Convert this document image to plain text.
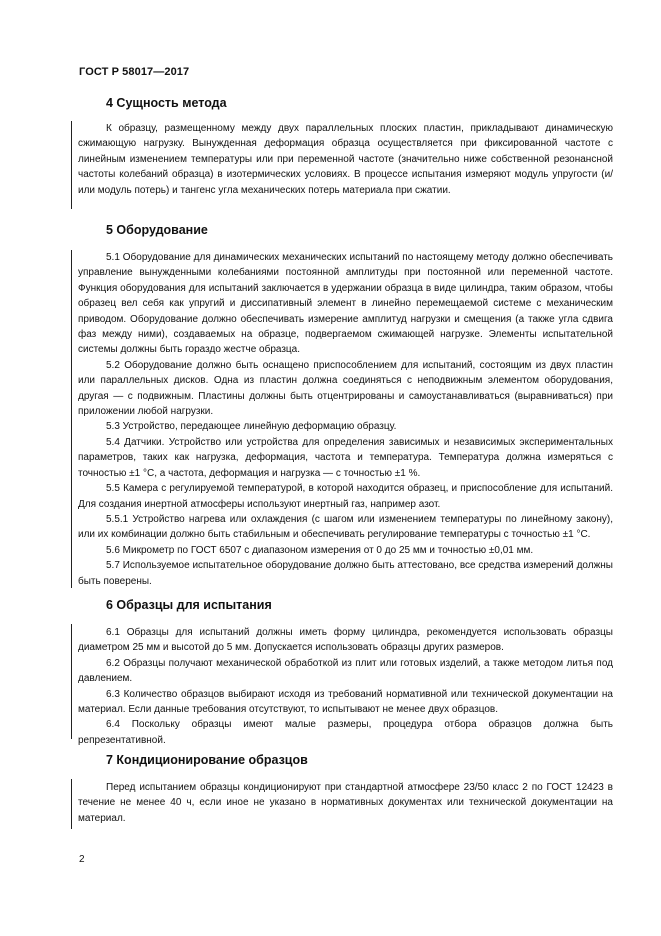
ГОСТ Р 58017—2017
4 Сущность метода

К образцу, размещенному между двух параллельных плоских пластин, прикладывают динамическую сжимающую нагрузку. Вынужденная деформация образца осуществляется при фиксированной частоте с линейным изменением температуры или при переменной частоте (значительно ниже собственной резонансной частоты колебаний образца) в изотермических условиях. В процессе испытания измеряют модуль упругости (и/или модуль потерь) и тангенс угла механических потерь материала при сжатии.

5 Оборудование

5.1 Оборудование для динамических механических испытаний по настоящему методу должно обеспечивать управление вынужденными колебаниями постоянной амплитуды при постоянной или переменной частоте. Функция оборудования для испытаний заключается в удержании образца в виде цилиндра, таким образом, чтобы образец вел себя как упругий и диссипативный элемент в линейно перемещаемой системе с механическим приводом. Оборудование должно обеспечивать измерение амплитуд нагрузки и смещения (а также угла сдвига фаз между ними), создаваемых на образце, подвергаемом сжимающей нагрузке. Элементы испытательной системы должны быть гораздо жестче образца.

5.2 Оборудование должно быть оснащено приспособлением для испытаний, состоящим из двух пластин или параллельных дисков. Одна из пластин должна соединяться с неподвижным элементом оборудования, другая — с подвижным. Пластины должны быть отцентрированы и самоустанавливаться (выравниваться) при приложении любой нагрузки.

5.3 Устройство, передающее линейную деформацию образцу.

5.4 Датчики. Устройство или устройства для определения зависимых и независимых экспериментальных параметров, таких как нагрузка, деформация, частота и температура. Температура должна измеряться с точностью ±1 °С, а частота, деформация и нагрузка — с точностью ±1 %.

5.5 Камера с регулируемой температурой, в которой находится образец, и приспособление для испытаний. Для создания инертной атмосферы используют инертный газ, например азот.

5.5.1 Устройство нагрева или охлаждения (с шагом или изменением температуры по линейному закону), или их комбинации должно быть стабильным и обеспечивать регулирование температуры с точностью ±1 °С.

5.6 Микрометр по ГОСТ 6507 с диапазоном измерения от 0 до 25 мм и точностью ±0,01 мм.

5.7 Используемое испытательное оборудование должно быть аттестовано, все средства измерений должны быть поверены.

6 Образцы для испытания

6.1 Образцы для испытаний должны иметь форму цилиндра, рекомендуется использовать образцы диаметром 25 мм и высотой до 5 мм. Допускается использовать образцы других размеров.

6.2 Образцы получают механической обработкой из плит или готовых изделий, а также методом литья под давлением.

6.3 Количество образцов выбирают исходя из требований нормативной или технической документации на материал. Если данные требования отсутствуют, то испытывают не менее двух образцов.

6.4 Поскольку образцы имеют малые размеры, процедура отбора образцов должна быть репрезентативной.

7 Кондиционирование образцов

Перед испытанием образцы кондиционируют при стандартной атмосфере 23/50 класс 2 по ГОСТ 12423 в течение не менее 40 ч, если иное не указано в нормативных документах или технической документации на материал.

2
